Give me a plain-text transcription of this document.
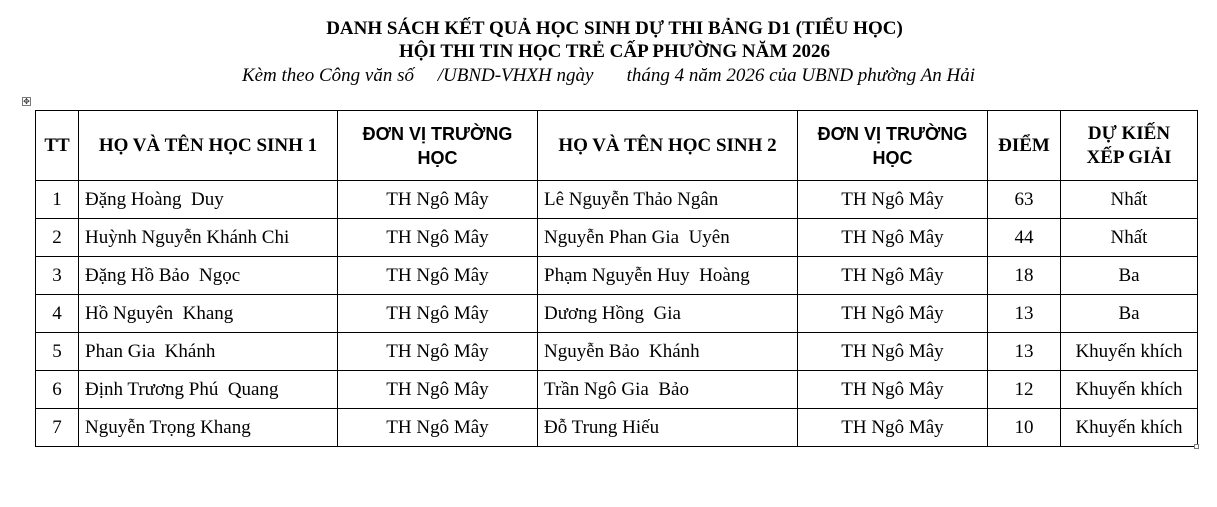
DANH SÁCH KẾT QUẢ HỌC SINH DỰ THI BẢNG D1 (TIỂU HỌC)
HỘI THI TIN HỌC TRẺ CẤP PHƯỜNG NĂM 2026
Kèm theo Công văn số     /UBND-VHXH ngày       tháng 4 năm 2026 của UBND phường An Hải
✥
TT	HỌ VÀ TÊN HỌC SINH 1	ĐƠN VỊ TRƯỜNG HỌC	HỌ VÀ TÊN HỌC SINH 2	ĐƠN VỊ TRƯỜNG HỌC	ĐIỂM	DỰ KIẾN XẾP GIẢI
1	Đặng Hoàng  Duy	TH Ngô Mây	Lê Nguyễn Thảo Ngân	TH Ngô Mây	63	Nhất
2	Huỳnh Nguyễn Khánh Chi	TH Ngô Mây	Nguyễn Phan Gia  Uyên	TH Ngô Mây	44	Nhất
3	Đặng Hồ Bảo  Ngọc	TH Ngô Mây	Phạm Nguyễn Huy  Hoàng	TH Ngô Mây	18	Ba
4	Hồ Nguyên  Khang	TH Ngô Mây	Dương Hồng  Gia	TH Ngô Mây	13	Ba
5	Phan Gia  Khánh	TH Ngô Mây	Nguyễn Bảo  Khánh	TH Ngô Mây	13	Khuyến khích
6	Định Trương Phú  Quang	TH Ngô Mây	Trần Ngô Gia  Bảo	TH Ngô Mây	12	Khuyến khích
7	Nguyễn Trọng Khang	TH Ngô Mây	Đỗ Trung Hiếu	TH Ngô Mây	10	Khuyến khích
